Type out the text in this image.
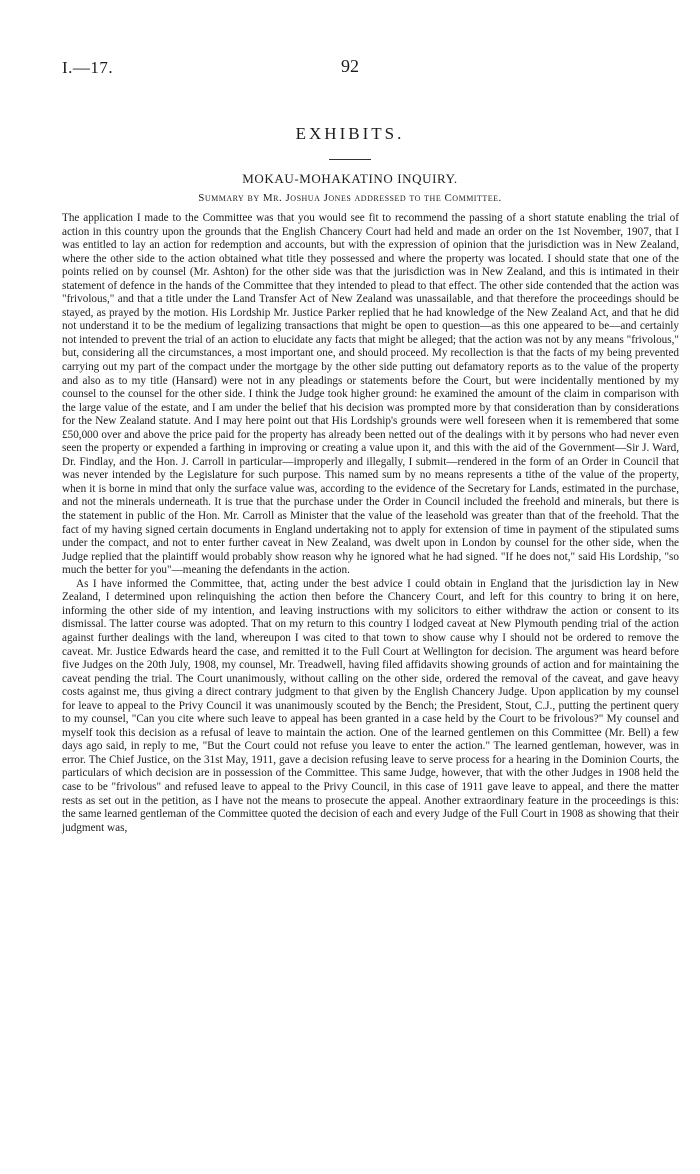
I.—17.	92
EXHIBITS.
MOKAU-MOHAKATINO INQUIRY.
Summary by Mr. Joshua Jones addressed to the Committee.

The application I made to the Committee was that you would see fit to recommend the passing of a short statute enabling the trial of action in this country upon the grounds that the English Chancery Court had held and made an order on the 1st November, 1907, that I was entitled to lay an action for redemption and accounts, but with the expression of opinion that the jurisdiction was in New Zealand, where the other side to the action obtained what title they possessed and where the property was located. I should state that one of the points relied on by counsel (Mr. Ashton) for the other side was that the jurisdiction was in New Zealand, and this is intimated in their statement of defence in the hands of the Committee that they intended to plead to that effect. The other side contended that the action was "frivolous," and that a title under the Land Transfer Act of New Zealand was unassailable, and that therefore the proceedings should be stayed, as prayed by the motion. His Lordship Mr. Justice Parker replied that he had knowledge of the New Zealand Act, and that he did not understand it to be the medium of legalizing transactions that might be open to question—as this one appeared to be—and certainly not intended to prevent the trial of an action to elucidate any facts that might be alleged; that the action was not by any means "frivolous," but, considering all the circumstances, a most important one, and should proceed. My recollection is that the facts of my being prevented carrying out my part of the compact under the mortgage by the other side putting out defamatory reports as to the value of the property and also as to my title (Hansard) were not in any pleadings or statements before the Court, but were incidentally mentioned by my counsel to the counsel for the other side. I think the Judge took higher ground: he examined the amount of the claim in comparison with the large value of the estate, and I am under the belief that his decision was prompted more by that consideration than by considerations for the New Zealand statute. And I may here point out that His Lordship's grounds were well foreseen when it is remembered that some £50,000 over and above the price paid for the property has already been netted out of the dealings with it by persons who had never even seen the property or expended a farthing in improving or creating a value upon it, and this with the aid of the Government—Sir J. Ward, Dr. Findlay, and the Hon. J. Carroll in particular—improperly and illegally, I submit—rendered in the form of an Order in Council that was never intended by the Legislature for such purpose. This named sum by no means represents a tithe of the value of the property, when it is borne in mind that only the surface value was, according to the evidence of the Secretary for Lands, estimated in the purchase, and not the minerals underneath. It is true that the purchase under the Order in Council included the freehold and minerals, but there is the statement in public of the Hon. Mr. Carroll as Minister that the value of the leasehold was greater than that of the freehold. That the fact of my having signed certain documents in England undertaking not to apply for extension of time in payment of the stipulated sums under the compact, and not to enter further caveat in New Zealand, was dwelt upon in London by counsel for the other side, when the Judge replied that the plaintiff would probably show reason why he ignored what he had signed. "If he does not," said His Lordship, "so much the better for you"—meaning the defendants in the action.

As I have informed the Committee, that, acting under the best advice I could obtain in England that the jurisdiction lay in New Zealand, I determined upon relinquishing the action then before the Chancery Court, and left for this country to bring it on here, informing the other side of my intention, and leaving instructions with my solicitors to either withdraw the action or consent to its dismissal. The latter course was adopted. That on my return to this country I lodged caveat at New Plymouth pending trial of the action against further dealings with the land, whereupon I was cited to that town to show cause why I should not be ordered to remove the caveat. Mr. Justice Edwards heard the case, and remitted it to the Full Court at Wellington for decision. The argument was heard before five Judges on the 20th July, 1908, my counsel, Mr. Treadwell, having filed affidavits showing grounds of action and for maintaining the caveat pending the trial. The Court unanimously, without calling on the other side, ordered the removal of the caveat, and gave heavy costs against me, thus giving a direct contrary judgment to that given by the English Chancery Judge. Upon application by my counsel for leave to appeal to the Privy Council it was unanimously scouted by the Bench; the President, Stout, C.J., putting the pertinent query to my counsel, "Can you cite where such leave to appeal has been granted in a case held by the Court to be frivolous?" My counsel and myself took this decision as a refusal of leave to maintain the action. One of the learned gentlemen on this Committee (Mr. Bell) a few days ago said, in reply to me, "But the Court could not refuse you leave to enter the action." The learned gentleman, however, was in error. The Chief Justice, on the 31st May, 1911, gave a decision refusing leave to serve process for a hearing in the Dominion Courts, the particulars of which decision are in possession of the Committee. This same Judge, however, that with the other Judges in 1908 held the case to be "frivolous" and refused leave to appeal to the Privy Council, in this case of 1911 gave leave to appeal, and there the matter rests as set out in the petition, as I have not the means to prosecute the appeal. Another extraordinary feature in the proceedings is this: the same learned gentleman of the Committee quoted the decision of each and every Judge of the Full Court in 1908 as showing that their judgment was,
